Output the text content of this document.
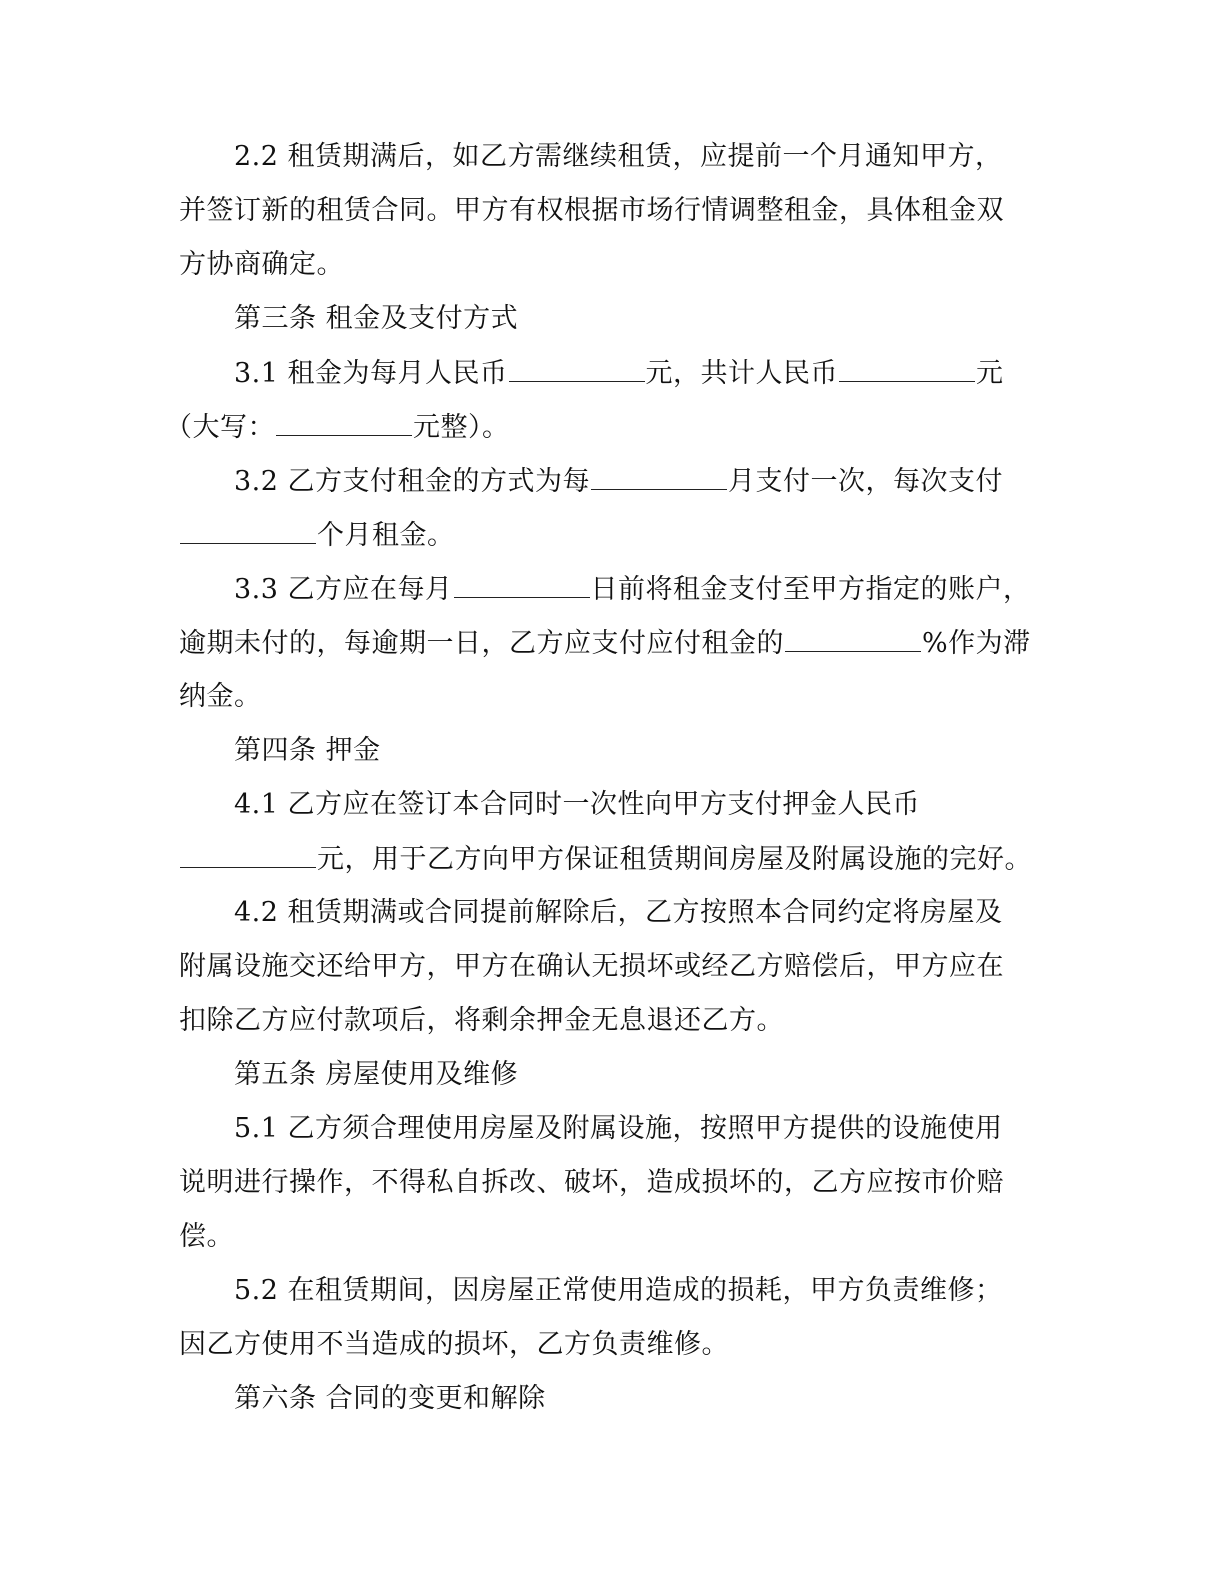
2.2 租赁期满后，如乙方需继续租赁，应提前一个月通知甲方，
并签订新的租赁合同。甲方有权根据市场行情调整租金，具体租金双
方协商确定。
第三条 租金及支付方式
3.1 租金为每月人民币	元，共计人民币	元
（大写：	元整）。
3.2 乙方支付租金的方式为每	月支付一次，每次支付
个月租金。
3.3 乙方应在每月	日前将租金支付至甲方指定的账户，
逾期未付的，每逾期一日，乙方应支付应付租金的	%作为滞
纳金。
第四条 押金
4.1 乙方应在签订本合同时一次性向甲方支付押金人民币
元，用于乙方向甲方保证租赁期间房屋及附属设施的完好。
4.2 租赁期满或合同提前解除后，乙方按照本合同约定将房屋及
附属设施交还给甲方，甲方在确认无损坏或经乙方赔偿后，甲方应在
扣除乙方应付款项后，将剩余押金无息退还乙方。
第五条 房屋使用及维修
5.1 乙方须合理使用房屋及附属设施，按照甲方提供的设施使用
说明进行操作，不得私自拆改、破坏，造成损坏的，乙方应按市价赔
偿。
5.2 在租赁期间，因房屋正常使用造成的损耗，甲方负责维修；
因乙方使用不当造成的损坏，乙方负责维修。
第六条 合同的变更和解除
